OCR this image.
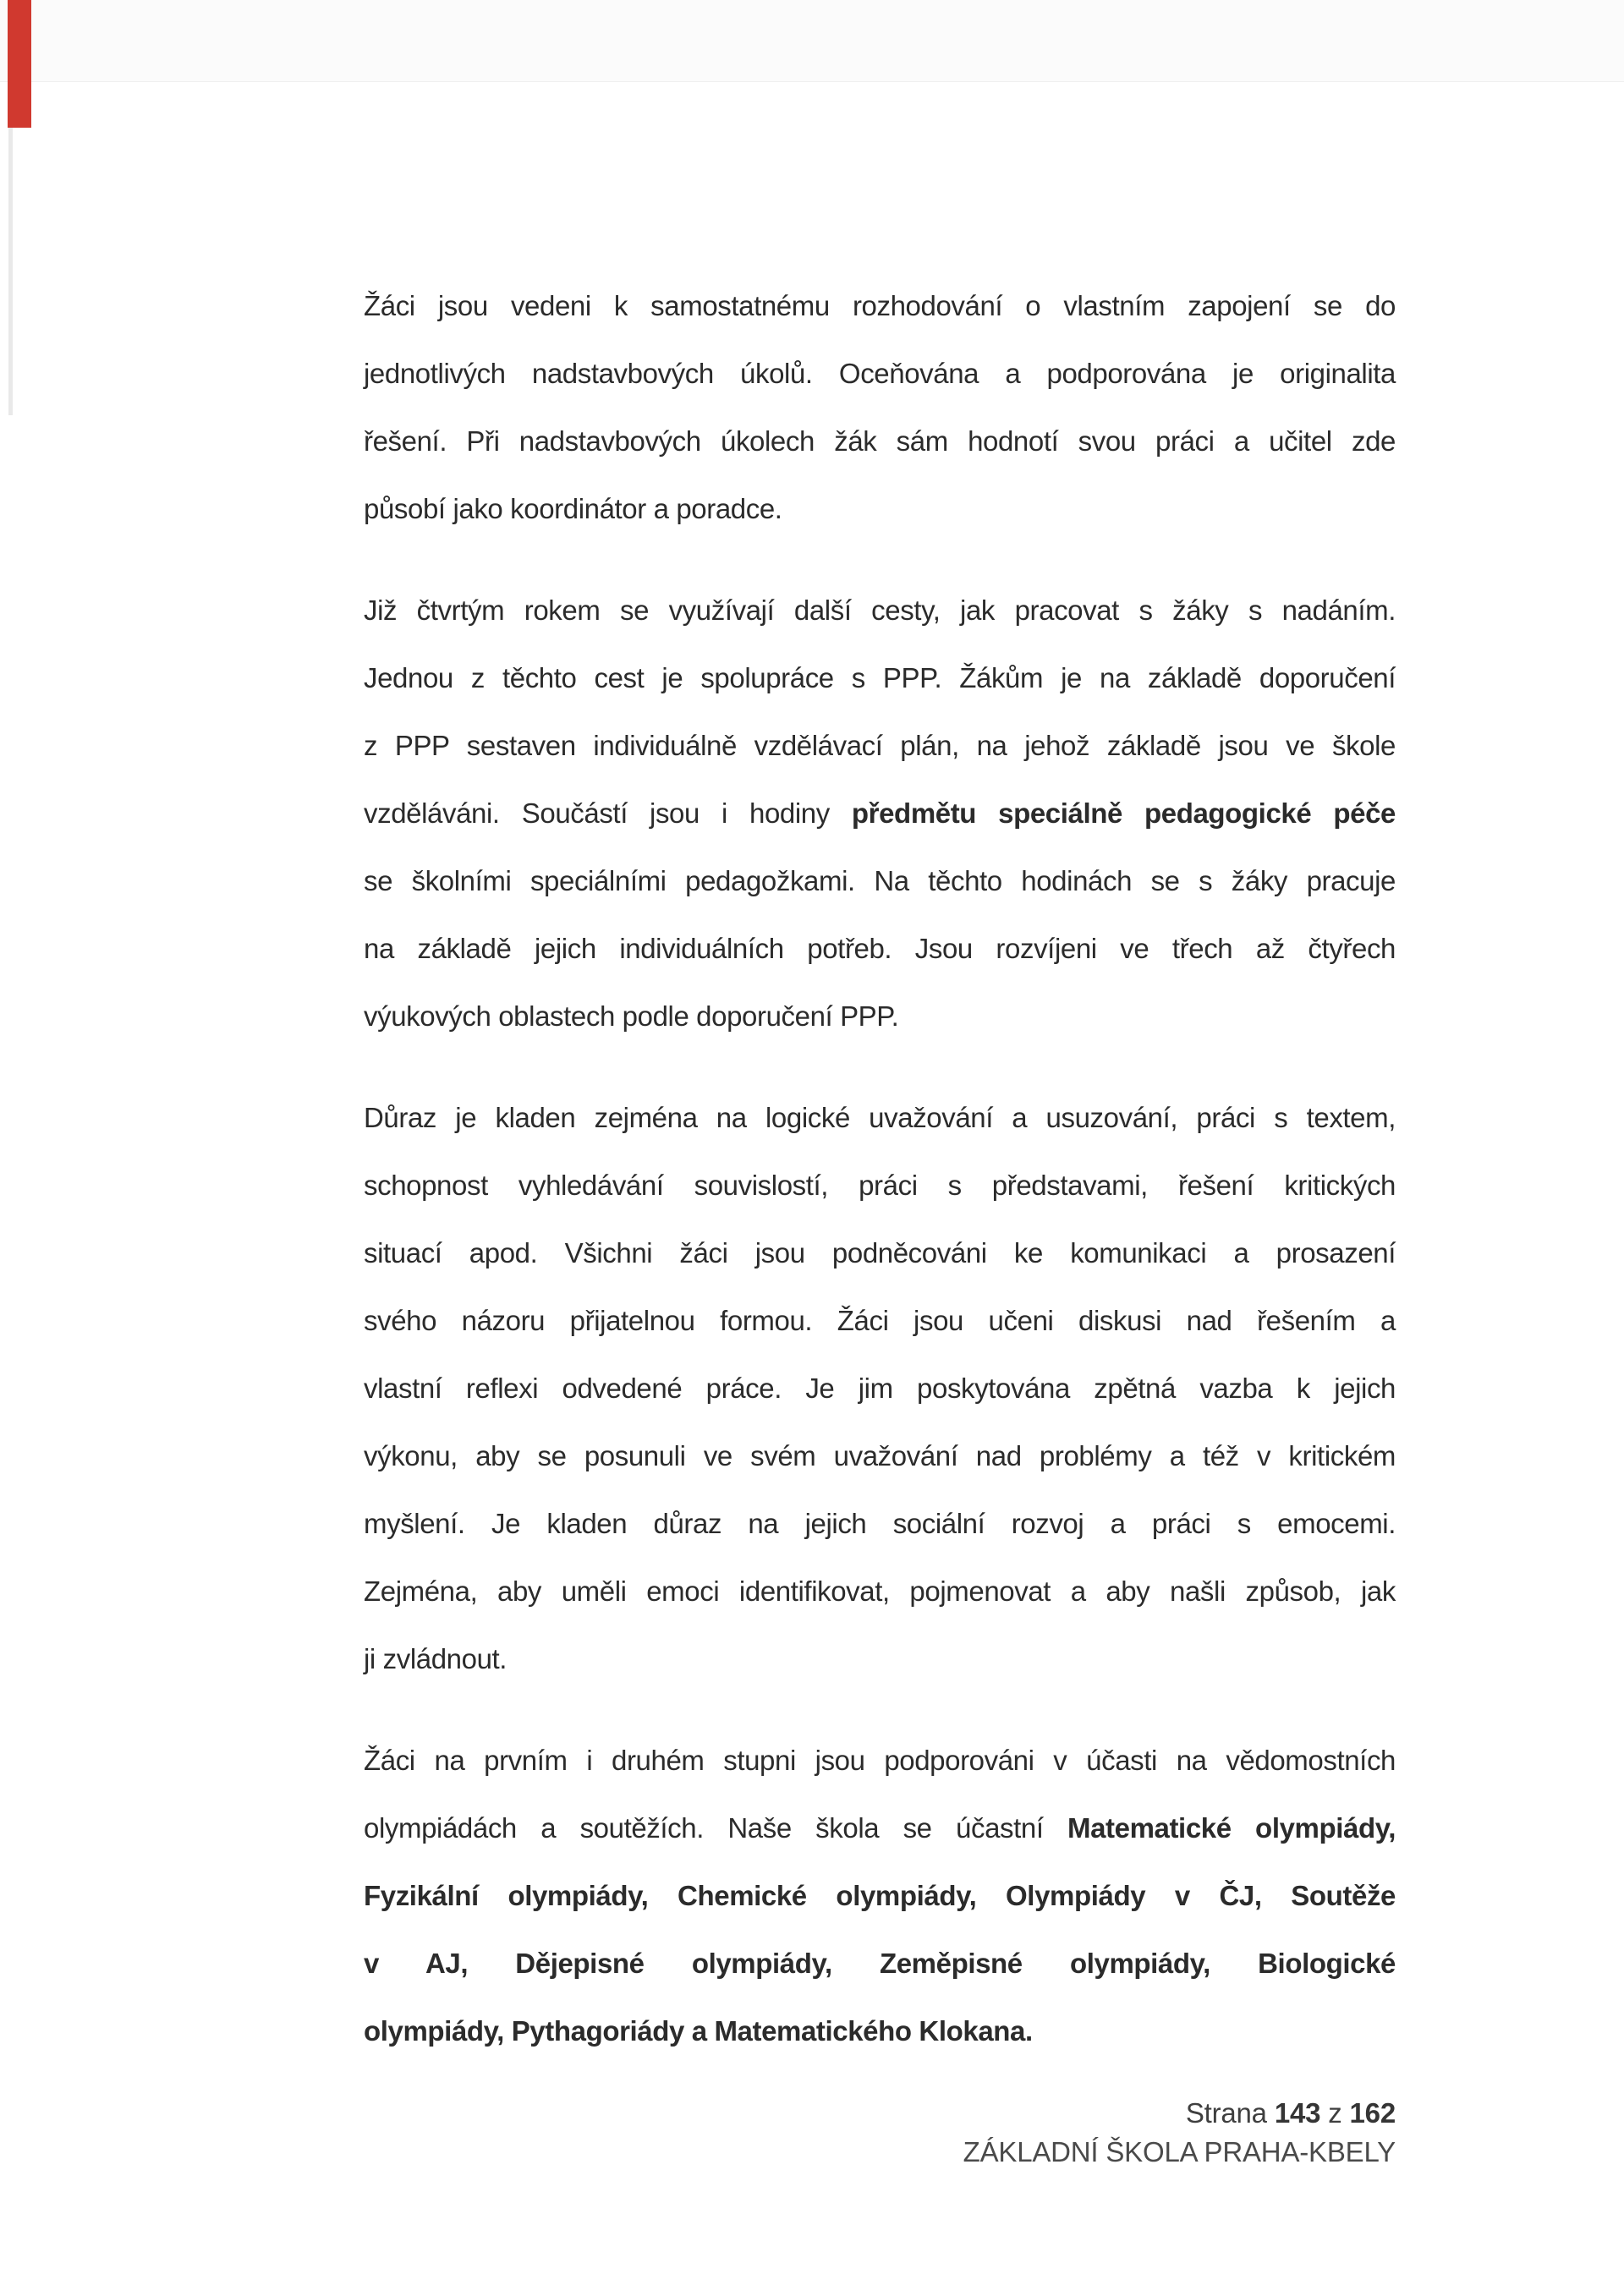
Žáci jsou vedeni k samostatnému rozhodování o vlastním zapojení se do
jednotlivých nadstavbových úkolů. Oceňována a podporována je originalita
řešení. Při nadstavbových úkolech žák sám hodnotí svou práci a učitel zde
působí jako koordinátor a poradce.
Již čtvrtým rokem se využívají další cesty, jak pracovat s žáky s nadáním.
Jednou z těchto cest je spolupráce s PPP. Žákům je na základě doporučení
z PPP sestaven individuálně vzdělávací plán, na jehož základě jsou ve škole
vzděláváni. Součástí jsou i hodiny předmětu speciálně pedagogické péče
se školními speciálními pedagožkami. Na těchto hodinách se s žáky pracuje
na základě jejich individuálních potřeb. Jsou rozvíjeni ve třech až čtyřech
výukových oblastech podle doporučení PPP.
Důraz je kladen zejména na logické uvažování a usuzování, práci s textem,
schopnost vyhledávání souvislostí, práci s představami, řešení kritických
situací apod. Všichni žáci jsou podněcováni ke komunikaci a prosazení
svého názoru přijatelnou formou. Žáci jsou učeni diskusi nad řešením a
vlastní reflexi odvedené práce. Je jim poskytována zpětná vazba k jejich
výkonu, aby se posunuli ve svém uvažování nad problémy a též v kritickém
myšlení. Je kladen důraz na jejich sociální rozvoj a práci s emocemi.
Zejména, aby uměli emoci identifikovat, pojmenovat a aby našli způsob, jak
ji zvládnout.
Žáci na prvním i druhém stupni jsou podporováni v účasti na vědomostních
olympiádách a soutěžích. Naše škola se účastní Matematické olympiády,
Fyzikální olympiády, Chemické olympiády, Olympiády v ČJ, Soutěže
v AJ, Dějepisné olympiády, Zeměpisné olympiády, Biologické
olympiády, Pythagoriády a Matematického Klokana.
Strana 143 z 162
ZÁKLADNÍ ŠKOLA PRAHA-KBELY
